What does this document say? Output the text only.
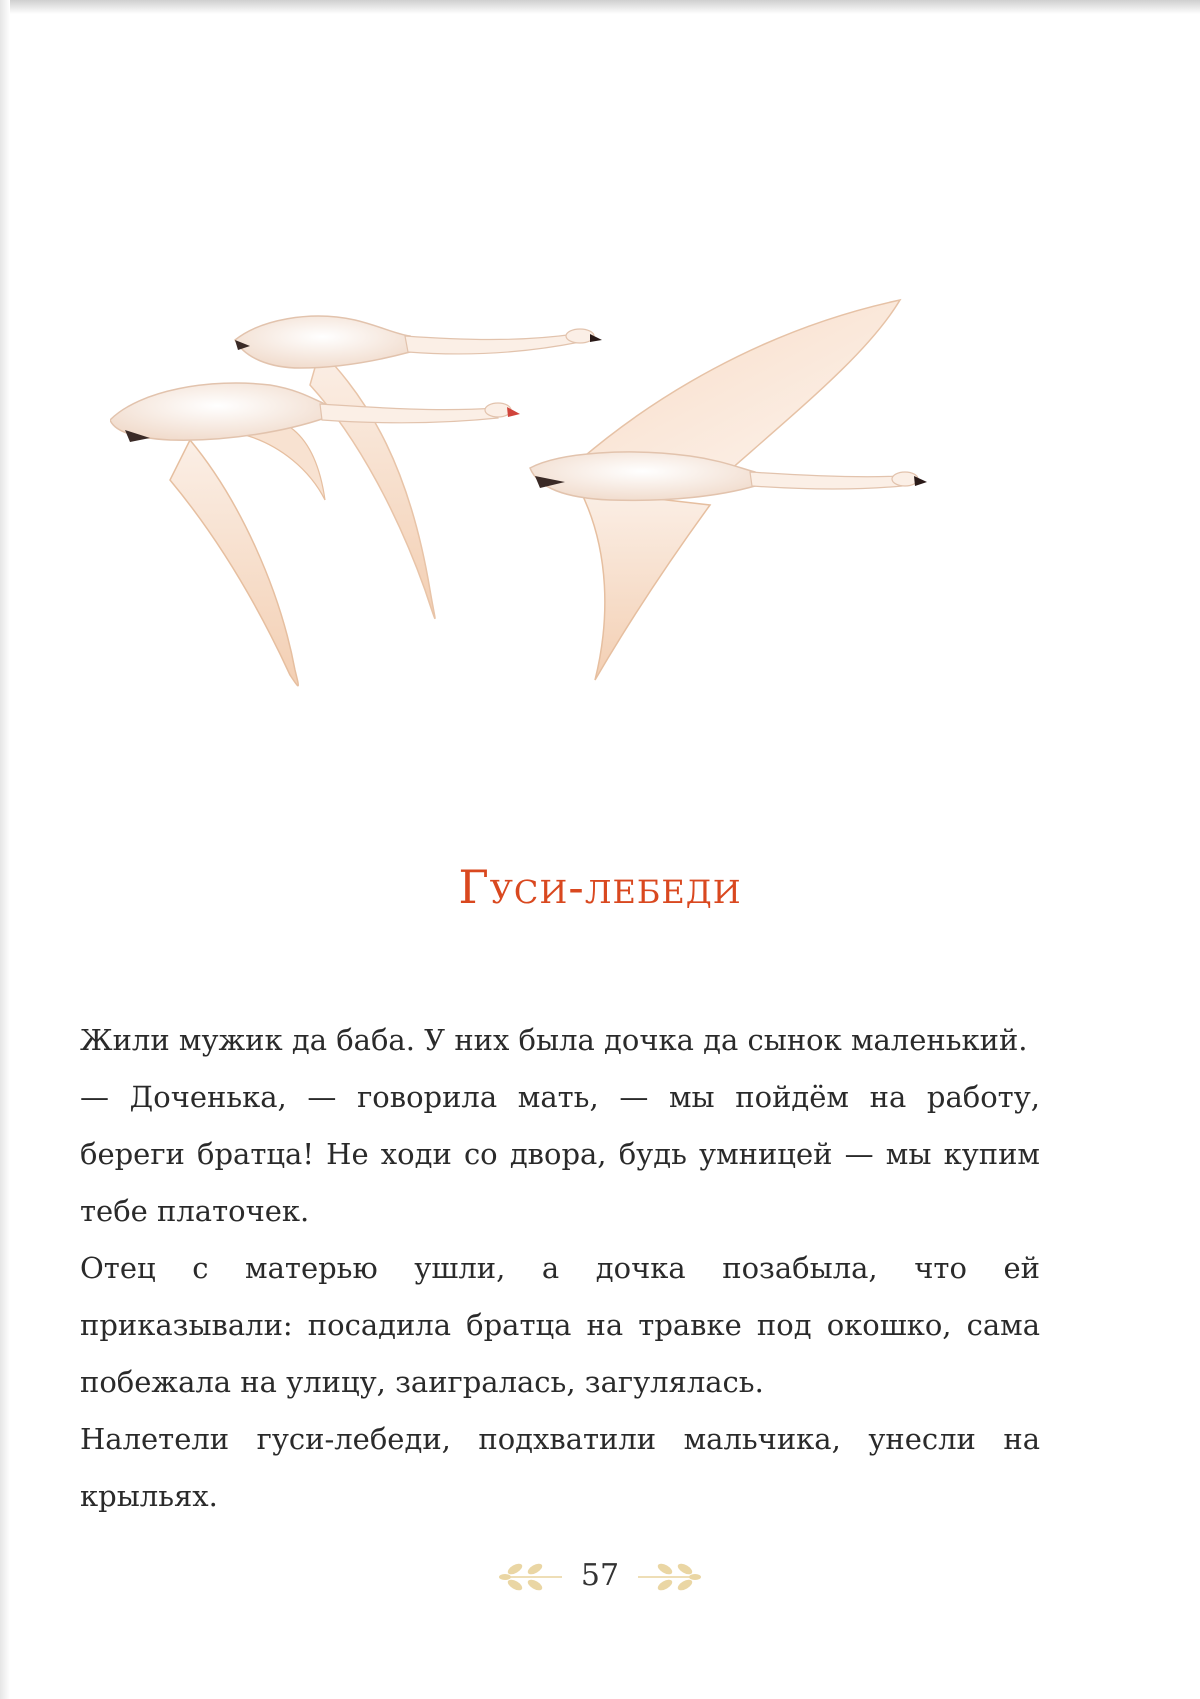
Гуси-лебеди

Жили мужик да баба. У них была дочка да сынок маленький.

— Доченька, — говорила мать, — мы пойдём на работу, береги братца! Не ходи со двора, будь умницей — мы купим тебе платочек.

Отец с матерью ушли, а дочка позабыла, что ей приказывали: посадила братца на травке под окошко, сама побежала на улицу, заигралась, загулялась.

Налетели гуси-лебеди, подхватили мальчика, унесли на крыльях.

57
